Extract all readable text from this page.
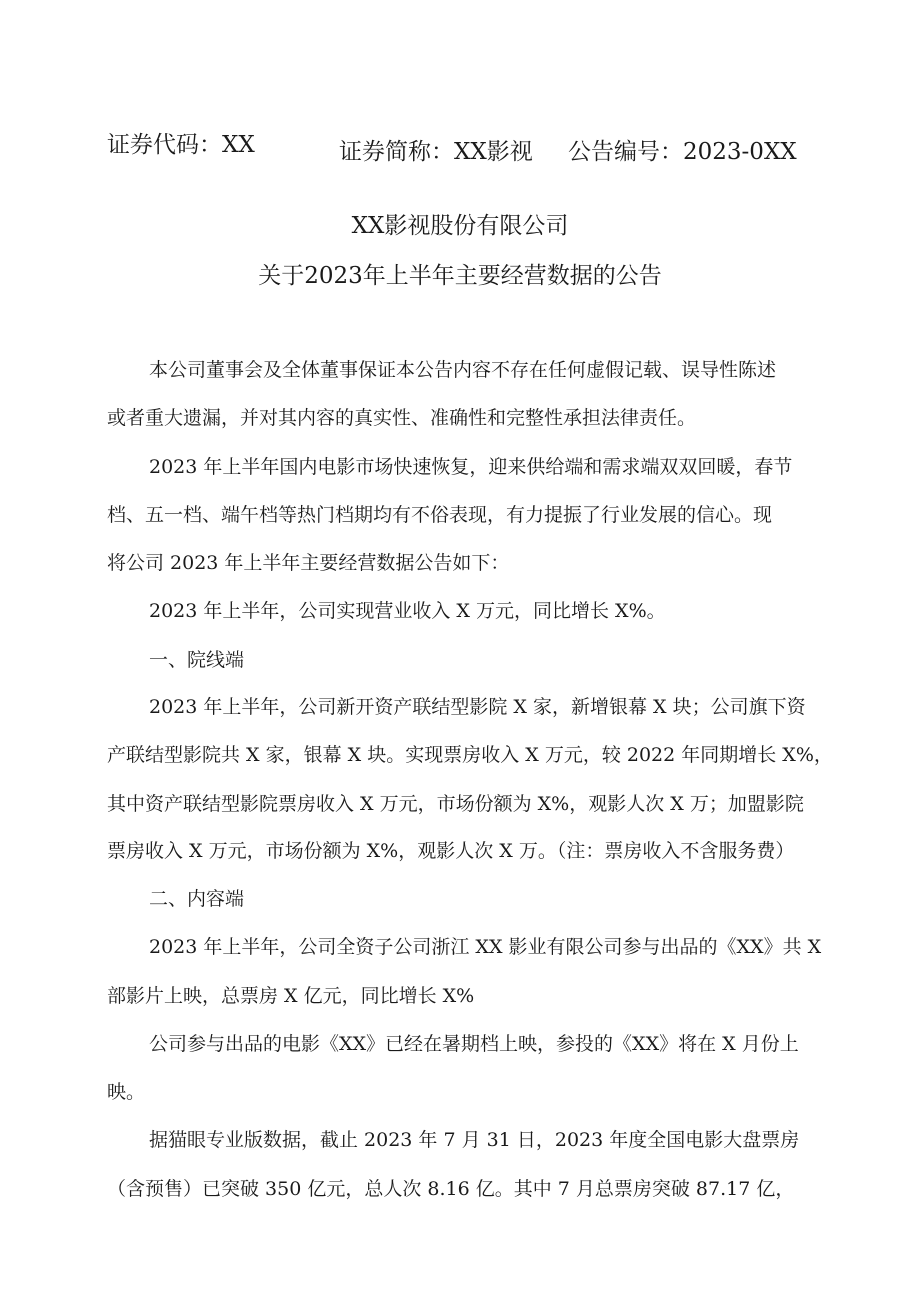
证券代码：XX	证券简称：XX影视 公告编号：2023-0XX
XX影视股份有限公司
关于2023年上半年主要经营数据的公告
本公司董事会及全体董事保证本公告内容不存在任何虚假记载、误导性陈述
或者重大遗漏，并对其内容的真实性、准确性和完整性承担法律责任。
2023 年上半年国内电影市场快速恢复，迎来供给端和需求端双双回暖，春节
档、五一档、端午档等热门档期均有不俗表现，有力提振了行业发展的信心。现
将公司 2023 年上半年主要经营数据公告如下：
2023 年上半年，公司实现营业收入 X 万元，同比增长 X%。
一、院线端
2023 年上半年，公司新开资产联结型影院 X 家，新增银幕 X 块；公司旗下资
产联结型影院共 X 家，银幕 X 块。实现票房收入 X 万元，较 2022 年同期增长 X%，
其中资产联结型影院票房收入 X 万元，市场份额为 X%，观影人次 X 万；加盟影院
票房收入 X 万元，市场份额为 X%，观影人次 X 万。（注：票房收入不含服务费）
二、内容端
2023 年上半年，公司全资子公司浙江 XX 影业有限公司参与出品的《XX》共 X
部影片上映，总票房 X 亿元，同比增长 X%
公司参与出品的电影《XX》已经在暑期档上映，参投的《XX》将在 X 月份上
映。
据猫眼专业版数据，截止 2023 年 7 月 31 日，2023 年度全国电影大盘票房
（含预售）已突破 350 亿元，总人次 8.16 亿。其中 7 月总票房突破 87.17 亿，
